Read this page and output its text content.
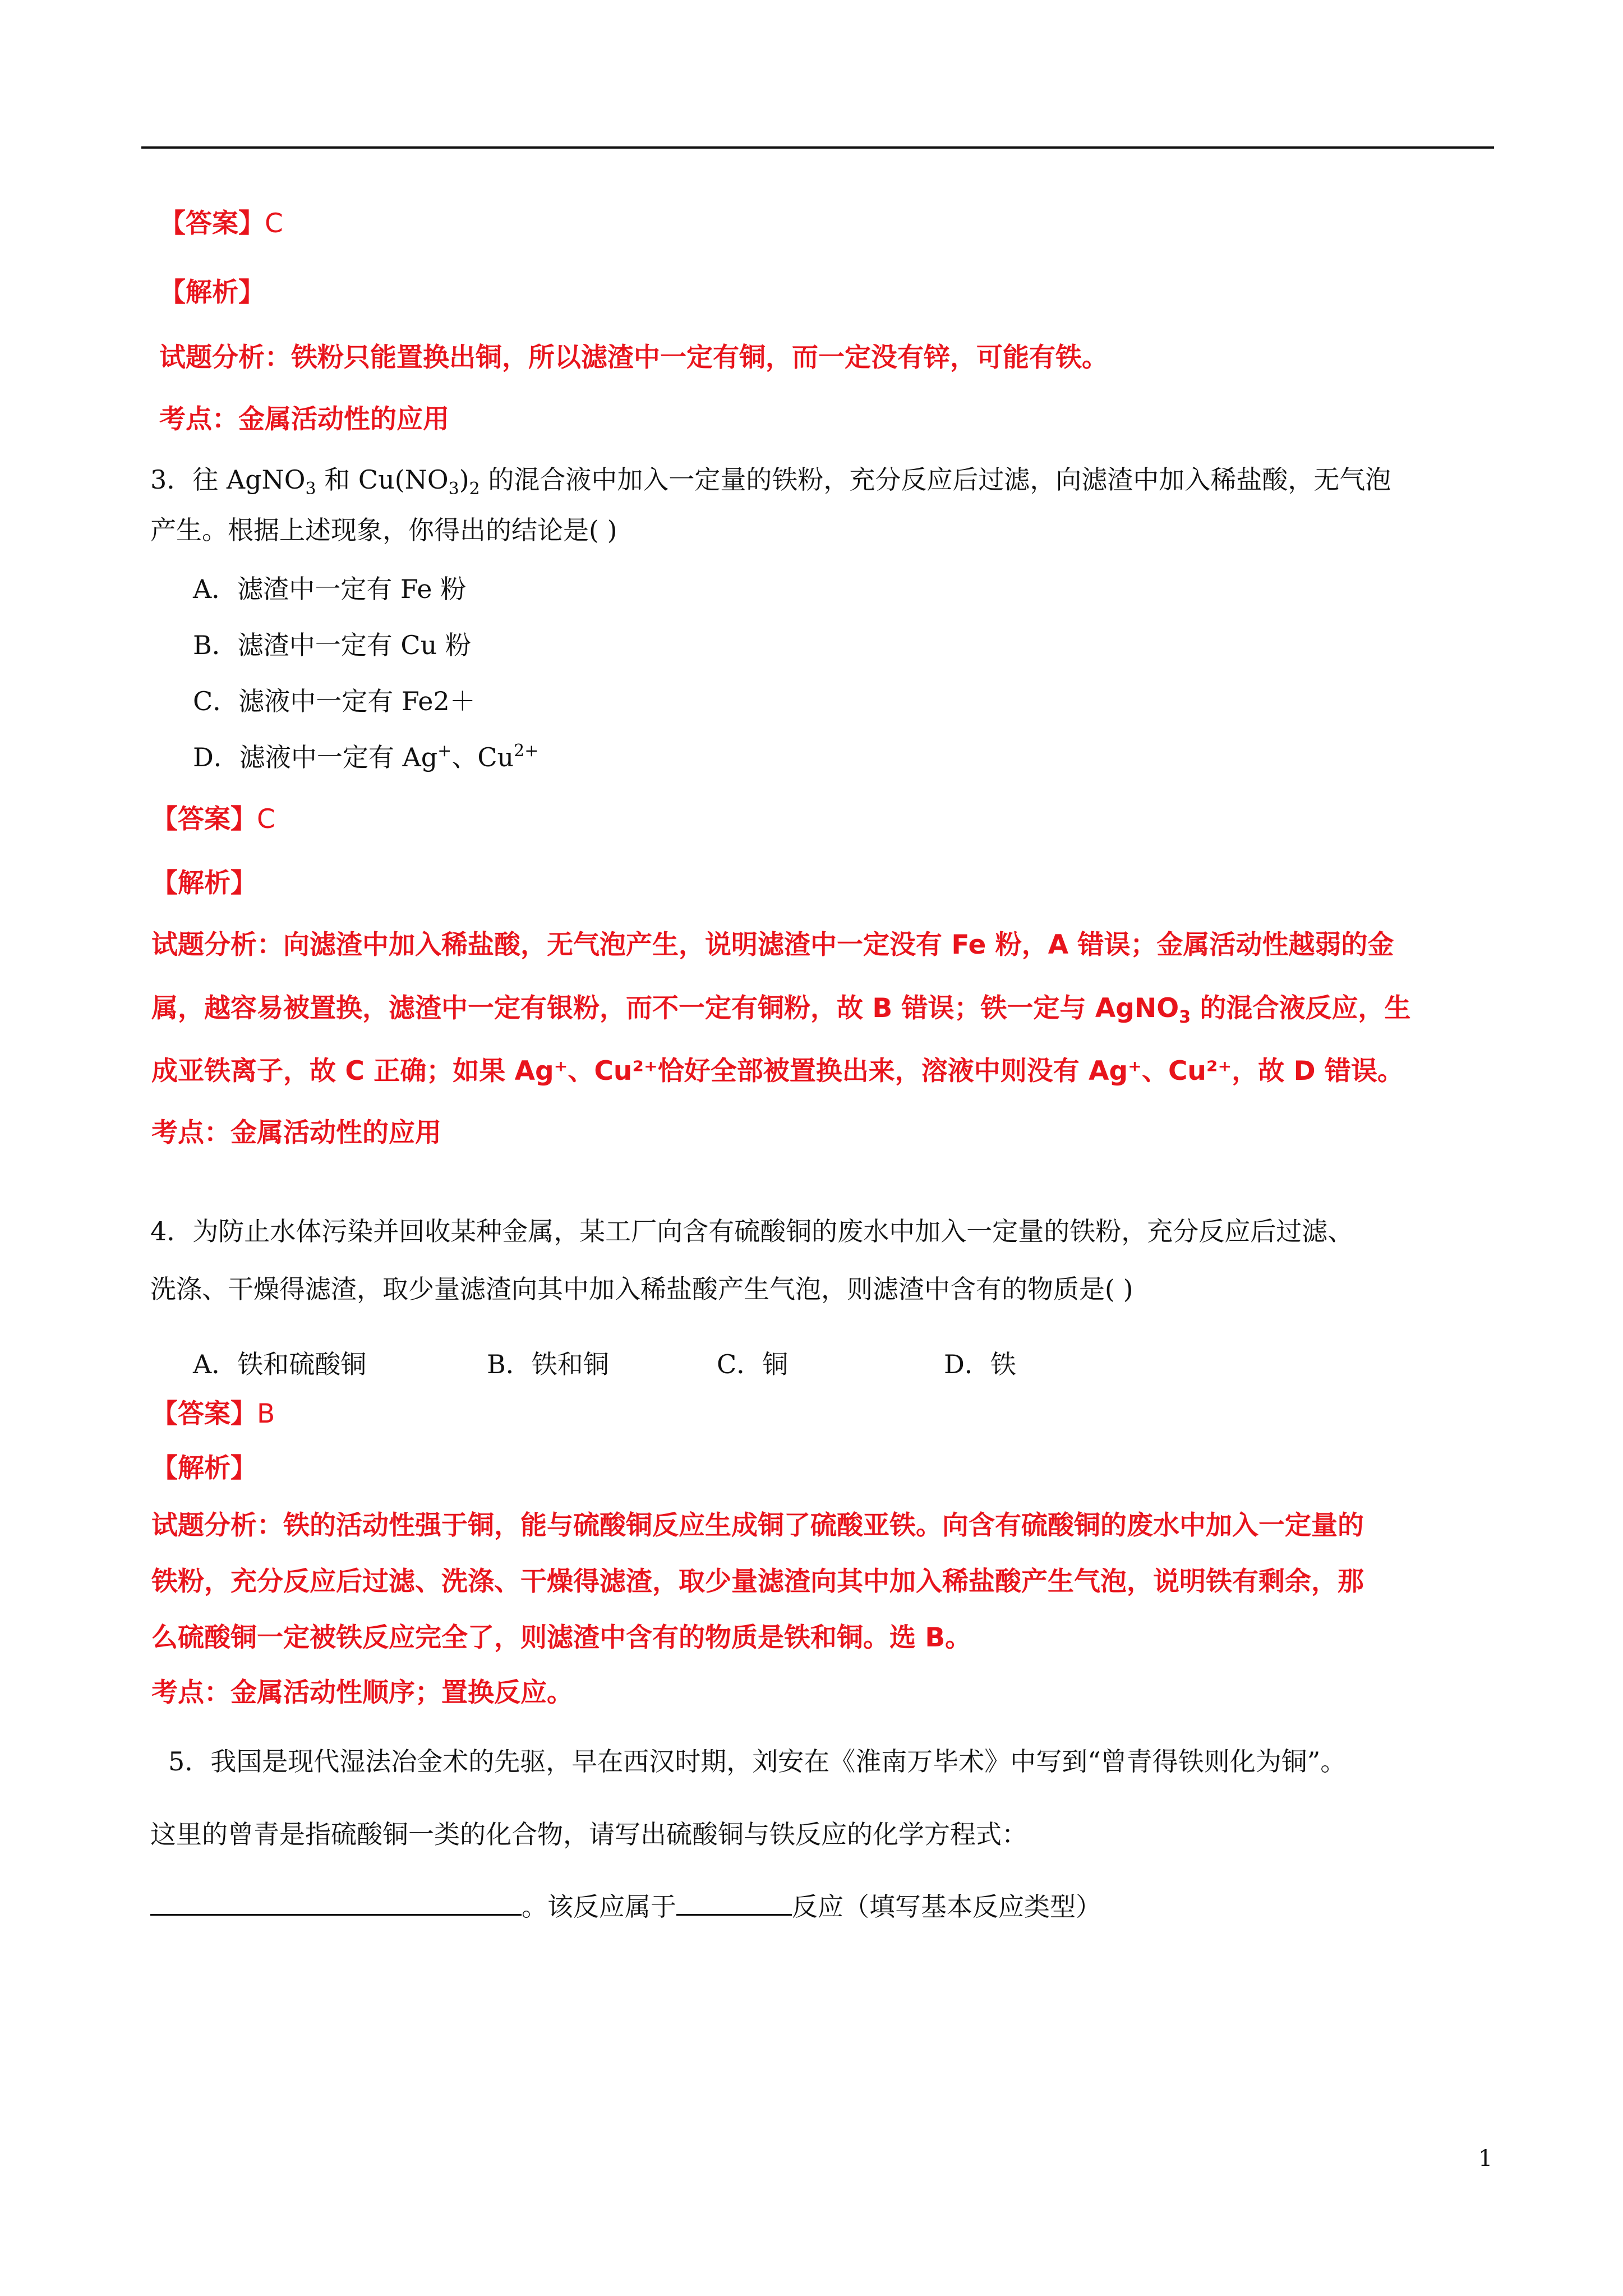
【答案】C
【解析】
试题分析：铁粉只能置换出铜，所以滤渣中一定有铜，而一定没有锌，可能有铁。
考点：金属活动性的应用
3．往 AgNO$_3$ 和 $Cu(NO_3)_2$ 的混合液中加入一定量的铁粉，充分反应后过滤，向滤渣中加入稀盐酸，无气泡
产生。根据上述现象，你得出的结论是( )
A．滤渣中一定有 Fe 粉
B．滤渣中一定有 Cu 粉
C．滤液中一定有 Fe2＋
D．滤液中一定有 Ag+、$Cu^{2+}$
【答案】C
【解析】
试题分析：向滤渣中加入稀盐酸，无气泡产生，说明滤渣中一定没有 Fe 粉，A 错误；金属活动性越弱的金
属，越容易被置换，滤渣中一定有银粉，而不一定有铜粉，故 B 错误；铁一定与 AgNO$_3$ 的混合液反应，生
成亚铁离子，故 C 正确；如果 Ag⁺、Cu²⁺恰好全部被置换出来，溶液中则没有 Ag⁺、Cu²⁺，故 D 错误。
考点：金属活动性的应用
4．为防止水体污染并回收某种金属，某工厂向含有硫酸铜的废水中加入一定量的铁粉，充分反应后过滤、
洗涤、干燥得滤渣，取少量滤渣向其中加入稀盐酸产生气泡，则滤渣中含有的物质是( )
A．铁和硫酸铜	B．铁和铜	C．铜	D．铁
【答案】B
【解析】
试题分析：铁的活动性强于铜，能与硫酸铜反应生成铜了硫酸亚铁。向含有硫酸铜的废水中加入一定量的
铁粉，充分反应后过滤、洗涤、干燥得滤渣，取少量滤渣向其中加入稀盐酸产生气泡，说明铁有剩余，那
么硫酸铜一定被铁反应完全了，则滤渣中含有的物质是铁和铜。选 B。
考点：金属活动性顺序；置换反应。
5．我国是现代湿法冶金术的先驱，早在西汉时期，刘安在《淮南万毕术》中写到“曾青得铁则化为铜”。
这里的曾青是指硫酸铜一类的化合物，请写出硫酸铜与铁反应的化学方程式：
。该反应属于	反应（填写基本反应类型）
1
